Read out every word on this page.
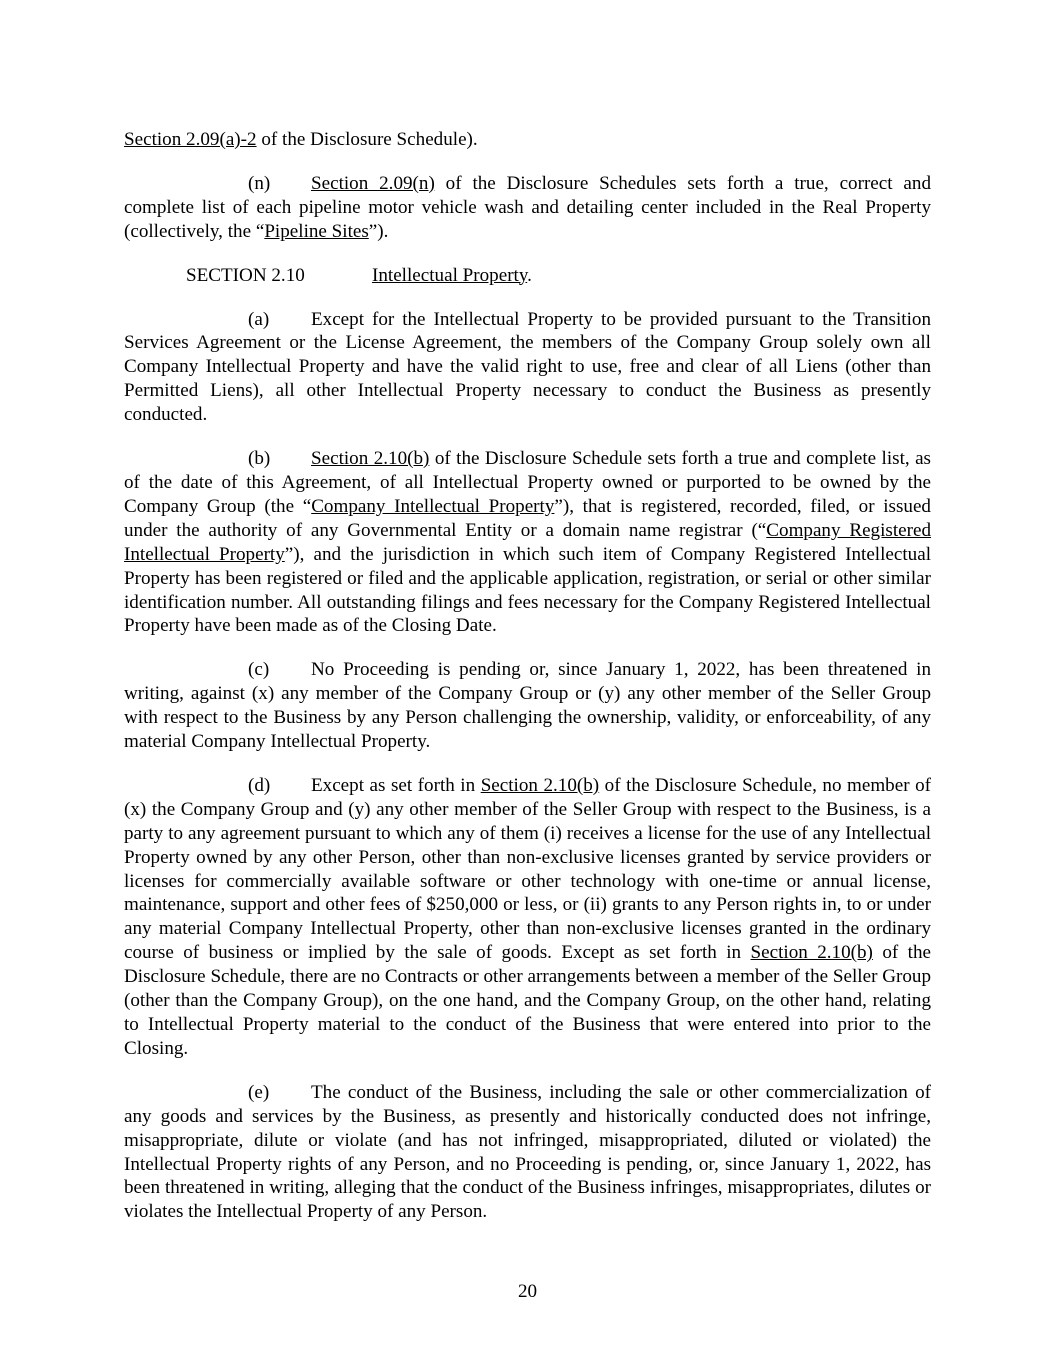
Section 2.09(a)-2 of the Disclosure Schedule).

(n) Section 2.09(n) of the Disclosure Schedules sets forth a true, correct and complete list of each pipeline motor vehicle wash and detailing center included in the Real Property (collectively, the “Pipeline Sites”).

SECTION 2.10	Intellectual Property.

(a) Except for the Intellectual Property to be provided pursuant to the Transition Services Agreement or the License Agreement, the members of the Company Group solely own all Company Intellectual Property and have the valid right to use, free and clear of all Liens (other than Permitted Liens), all other Intellectual Property necessary to conduct the Business as presently conducted.

(b) Section 2.10(b) of the Disclosure Schedule sets forth a true and complete list, as of the date of this Agreement, of all Intellectual Property owned or purported to be owned by the Company Group (the “Company Intellectual Property”), that is registered, recorded, filed, or issued under the authority of any Governmental Entity or a domain name registrar (“Company Registered Intellectual Property”), and the jurisdiction in which such item of Company Registered Intellectual Property has been registered or filed and the applicable application, registration, or serial or other similar identification number. All outstanding filings and fees necessary for the Company Registered Intellectual Property have been made as of the Closing Date.

(c) No Proceeding is pending or, since January 1, 2022, has been threatened in writing, against (x) any member of the Company Group or (y) any other member of the Seller Group with respect to the Business by any Person challenging the ownership, validity, or enforceability, of any material Company Intellectual Property.

(d) Except as set forth in Section 2.10(b) of the Disclosure Schedule, no member of (x) the Company Group and (y) any other member of the Seller Group with respect to the Business, is a party to any agreement pursuant to which any of them (i) receives a license for the use of any Intellectual Property owned by any other Person, other than non-exclusive licenses granted by service providers or licenses for commercially available software or other technology with one-time or annual license, maintenance, support and other fees of $250,000 or less, or (ii) grants to any Person rights in, to or under any material Company Intellectual Property, other than non-exclusive licenses granted in the ordinary course of business or implied by the sale of goods. Except as set forth in Section 2.10(b) of the Disclosure Schedule, there are no Contracts or other arrangements between a member of the Seller Group (other than the Company Group), on the one hand, and the Company Group, on the other hand, relating to Intellectual Property material to the conduct of the Business that were entered into prior to the Closing.

(e) The conduct of the Business, including the sale or other commercialization of any goods and services by the Business, as presently and historically conducted does not infringe, misappropriate, dilute or violate (and has not infringed, misappropriated, diluted or violated) the Intellectual Property rights of any Person, and no Proceeding is pending, or, since January 1, 2022, has been threatened in writing, alleging that the conduct of the Business infringes, misappropriates, dilutes or violates the Intellectual Property of any Person.

20
